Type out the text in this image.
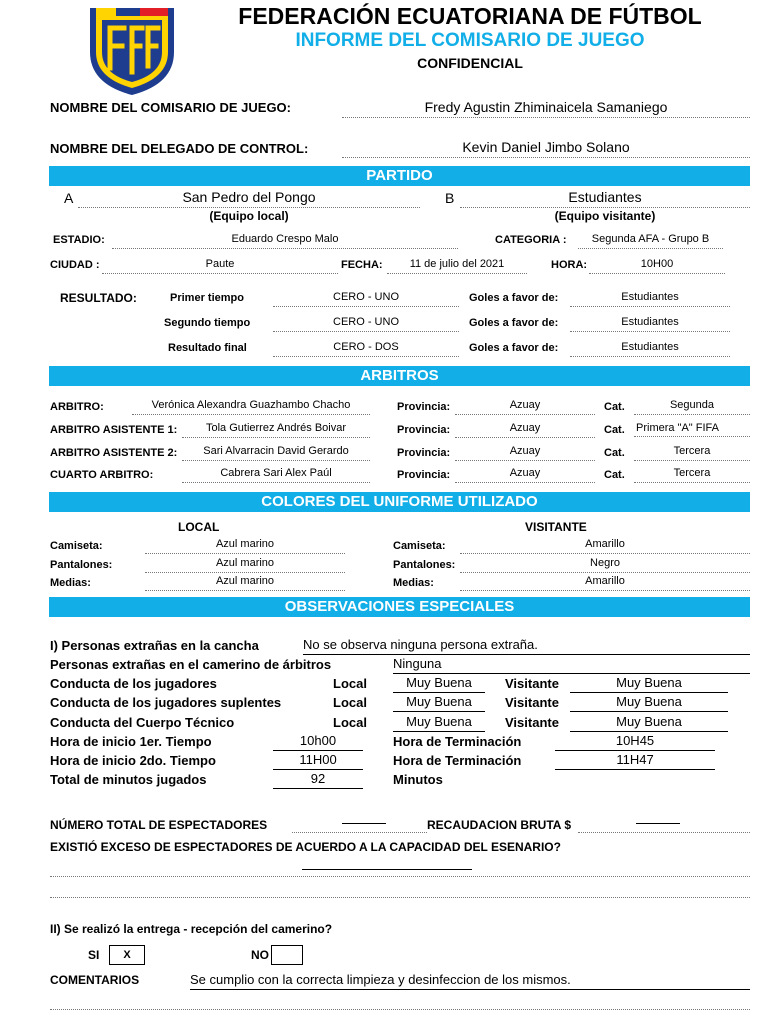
FEDERACIÓN ECUATORIANA DE FÚTBOL
INFORME DEL COMISARIO DE JUEGO
CONFIDENCIAL
NOMBRE DEL COMISARIO DE JUEGO:	Fredy Agustin Zhiminaicela Samaniego
NOMBRE DEL DELEGADO DE CONTROL:	Kevin Daniel Jimbo Solano
PARTIDO
A	San Pedro del Pongo
(Equipo local)
B	Estudiantes
(Equipo visitante)
ESTADIO:	Eduardo Crespo Malo	CATEGORIA :	Segunda AFA - Grupo B
CIUDAD :	Paute	FECHA:	11 de julio del 2021	HORA:	10H00
RESULTADO:	Primer tiempo	CERO - UNO	Goles a favor de:	Estudiantes
Segundo tiempo	CERO - UNO	Goles a favor de:	Estudiantes
Resultado final	CERO - DOS	Goles a favor de:	Estudiantes
ARBITROS
ARBITRO:	Verónica Alexandra Guazhambo Chacho	Provincia:	Azuay	Cat.	Segunda
ARBITRO ASISTENTE 1:	Tola Gutierrez Andrés Boivar	Provincia:	Azuay	Cat. Primera "A" FIFA
ARBITRO ASISTENTE 2:	Sari Alvarracin David Gerardo	Provincia:	Azuay	Cat.	Tercera
CUARTO ARBITRO:	Cabrera Sari Alex Paúl	Provincia:	Azuay	Cat.	Tercera
COLORES DEL UNIFORME UTILIZADO
LOCAL	VISITANTE
Camiseta:	Azul marino
Pantalones:	Azul marino
Medias:	Azul marino
Camiseta:	Amarillo
Pantalones:	Negro
Medias:	Amarillo
OBSERVACIONES ESPECIALES
I) Personas extrañas en la cancha	No se observa ninguna persona extraña.
Personas extrañas en el camerino de árbitros	Ninguna
Conducta de los jugadores	Local	Muy Buena	Visitante	Muy Buena
Conducta de los jugadores suplentes	Local	Muy Buena	Visitante	Muy Buena
Conducta del Cuerpo Técnico	Local	Muy Buena	Visitante	Muy Buena
Hora de inicio 1er. Tiempo	10h00	Hora de Terminación	10H45
Hora de inicio 2do. Tiempo	11H00	Hora de Terminación	11H47
Total de minutos jugados	92	Minutos
NÚMERO TOTAL DE ESPECTADORES	RECAUDACION BRUTA $
EXISTIÓ EXCESO DE ESPECTADORES DE ACUERDO A LA CAPACIDAD DEL ESENARIO?
II) Se realizó la entrega - recepción del camerino?
SI	X	NO
COMENTARIOS	Se cumplio con la correcta limpieza y desinfeccion de los mismos.
